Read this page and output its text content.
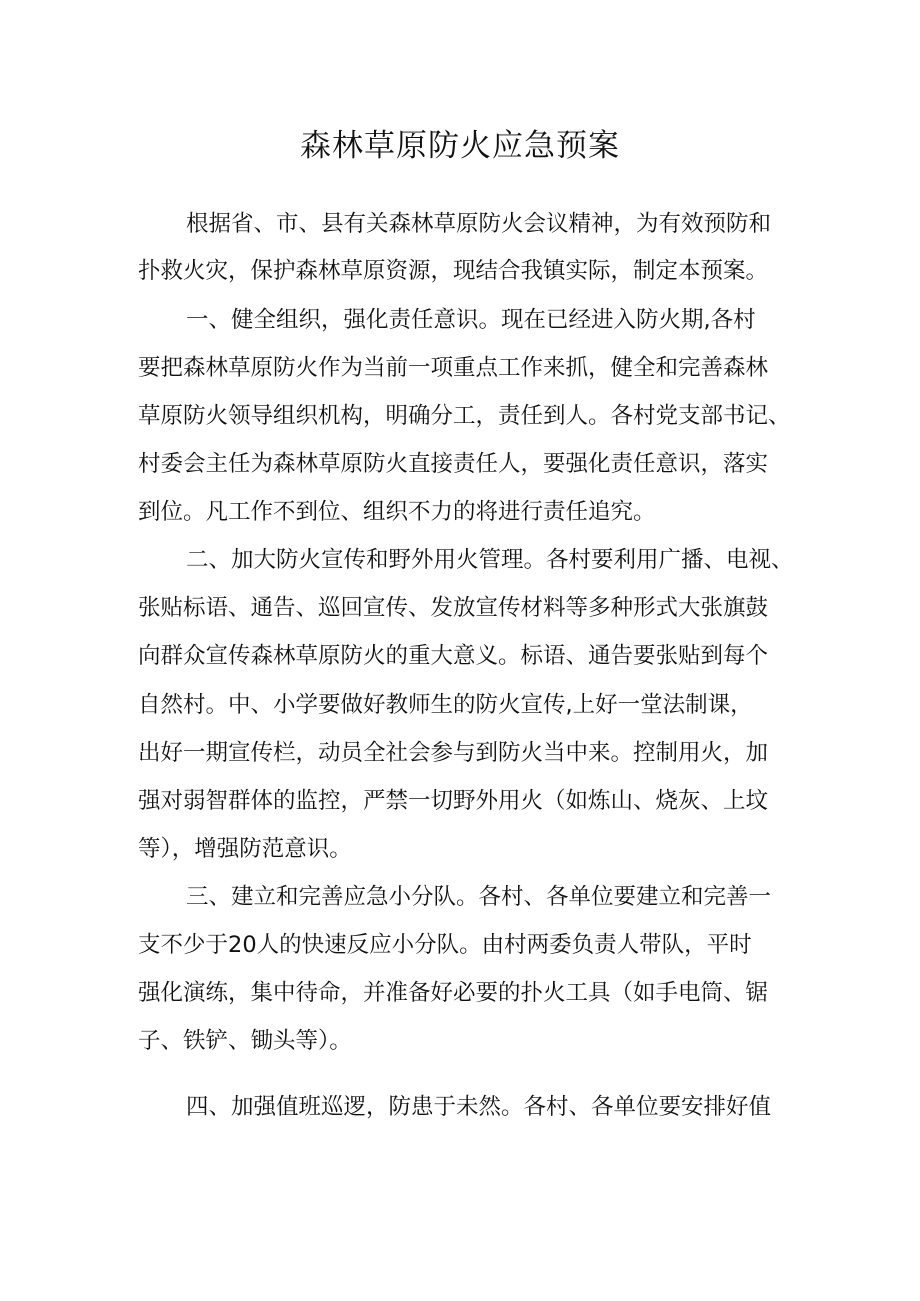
森林草原防火应急预案

根据省、市、县有关森林草原防火会议精神，为有效预防和

扑救火灾，保护森林草原资源，现结合我镇实际，制定本预案。

一、健全组织，强化责任意识。现在已经进入防火期,各村

要把森林草原防火作为当前一项重点工作来抓，健全和完善森林

草原防火领导组织机构，明确分工，责任到人。各村党支部书记、

村委会主任为森林草原防火直接责任人，要强化责任意识，落实

到位。凡工作不到位、组织不力的将进行责任追究。

二、加大防火宣传和野外用火管理。各村要利用广播、电视、

张贴标语、通告、巡回宣传、发放宣传材料等多种形式大张旗鼓

向群众宣传森林草原防火的重大意义。标语、通告要张贴到每个

自然村。中、小学要做好教师生的防火宣传,上好一堂法制课，

出好一期宣传栏，动员全社会参与到防火当中来。控制用火，加

强对弱智群体的监控，严禁一切野外用火（如炼山、烧灰、上坟

等），增强防范意识。

三、建立和完善应急小分队。各村、各单位要建立和完善一

支不少于20人的快速反应小分队。由村两委负责人带队，平时

强化演练，集中待命，并准备好必要的扑火工具（如手电筒、锯

子、铁铲、锄头等）。

四、加强值班巡逻，防患于未然。各村、各单位要安排好值
